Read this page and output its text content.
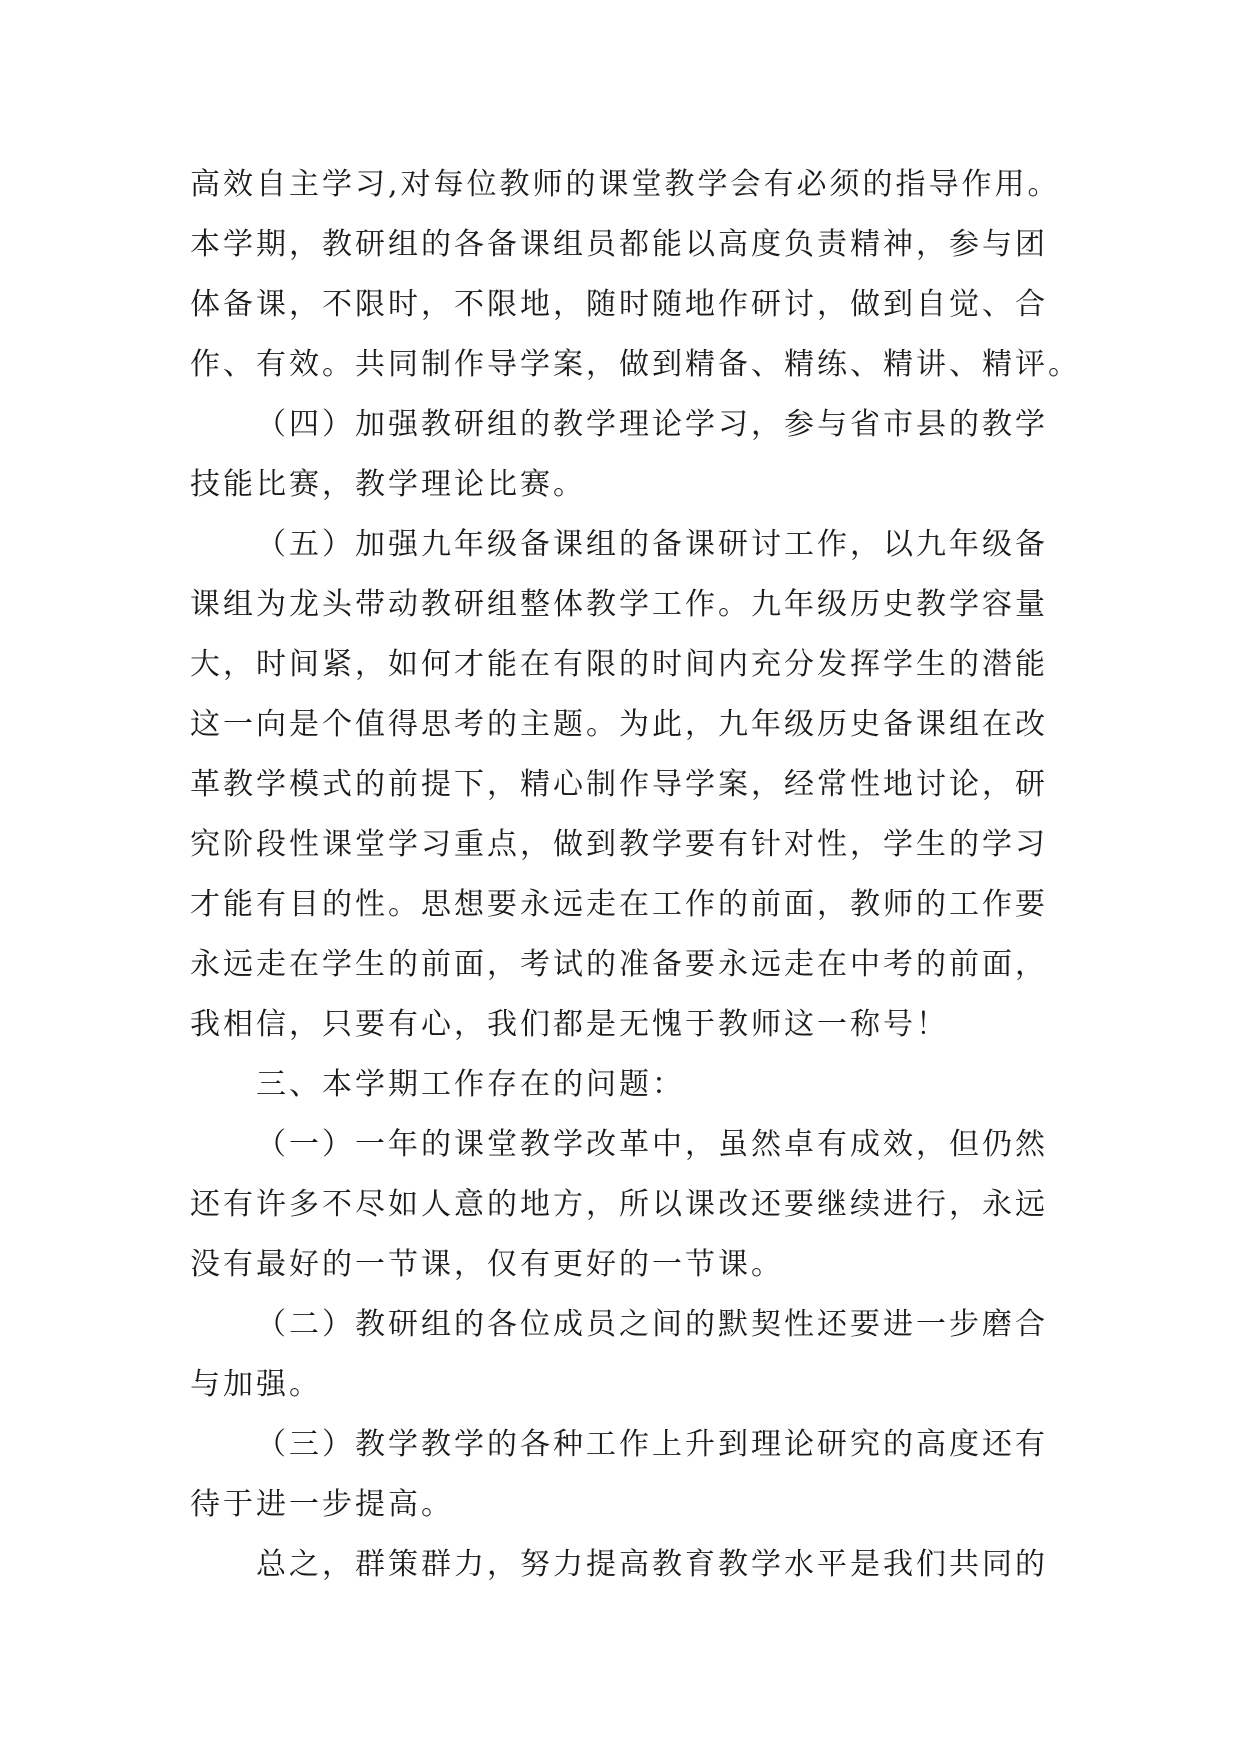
高效自主学习,对每位教师的课堂教学会有必须的指导作用。
本学期，教研组的各备课组员都能以高度负责精神，参与团
体备课，不限时，不限地，随时随地作研讨，做到自觉、合
作、有效。共同制作导学案，做到精备、精练、精讲、精评。
（四）加强教研组的教学理论学习，参与省市县的教学
技能比赛，教学理论比赛。
（五）加强九年级备课组的备课研讨工作，以九年级备
课组为龙头带动教研组整体教学工作。九年级历史教学容量
大，时间紧，如何才能在有限的时间内充分发挥学生的潜能
这一向是个值得思考的主题。为此，九年级历史备课组在改
革教学模式的前提下，精心制作导学案，经常性地讨论，研
究阶段性课堂学习重点，做到教学要有针对性，学生的学习
才能有目的性。思想要永远走在工作的前面，教师的工作要
永远走在学生的前面，考试的准备要永远走在中考的前面，
我相信，只要有心，我们都是无愧于教师这一称号！
三、本学期工作存在的问题：
（一）一年的课堂教学改革中，虽然卓有成效，但仍然
还有许多不尽如人意的地方，所以课改还要继续进行，永远
没有最好的一节课，仅有更好的一节课。
（二）教研组的各位成员之间的默契性还要进一步磨合
与加强。
（三）教学教学的各种工作上升到理论研究的高度还有
待于进一步提高。
总之，群策群力，努力提高教育教学水平是我们共同的
